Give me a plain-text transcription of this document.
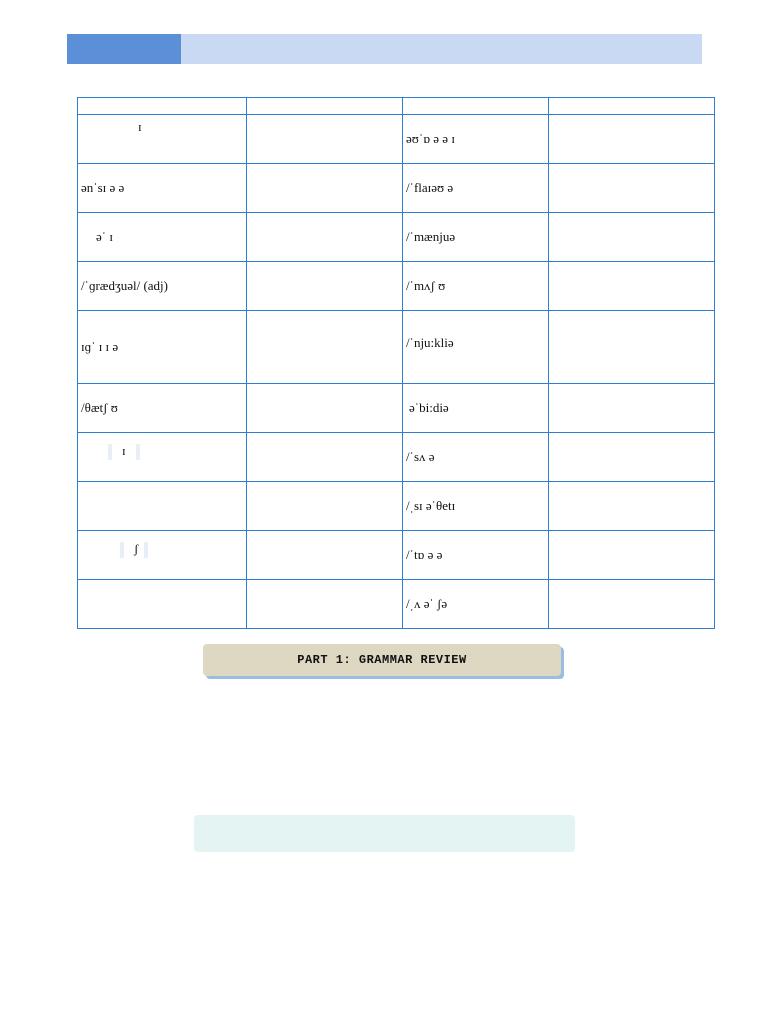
ɪ		əʊˈɒ ə ə ɪ	
ənˈsɪ ə ə		/ˈflaɪəʊ ə	
əˈ ɪ		/ˈmænjuə	
/ˈɡrædʒuəl/ (adj)		/ˈmʌʃ ʊ	
ɪɡˈ ɪ ɪ ə		/ˈnju:kliə	
/θætʃ ʊ		əˈbi:diə	
ɪ		/ˈsʌ ə	
		/ˌsɪ əˈθetɪ	
ʃ		/ˈtɒ ə ə	
		/ˌʌ əˈ ʃə	
PART 1: GRAMMAR REVIEW
